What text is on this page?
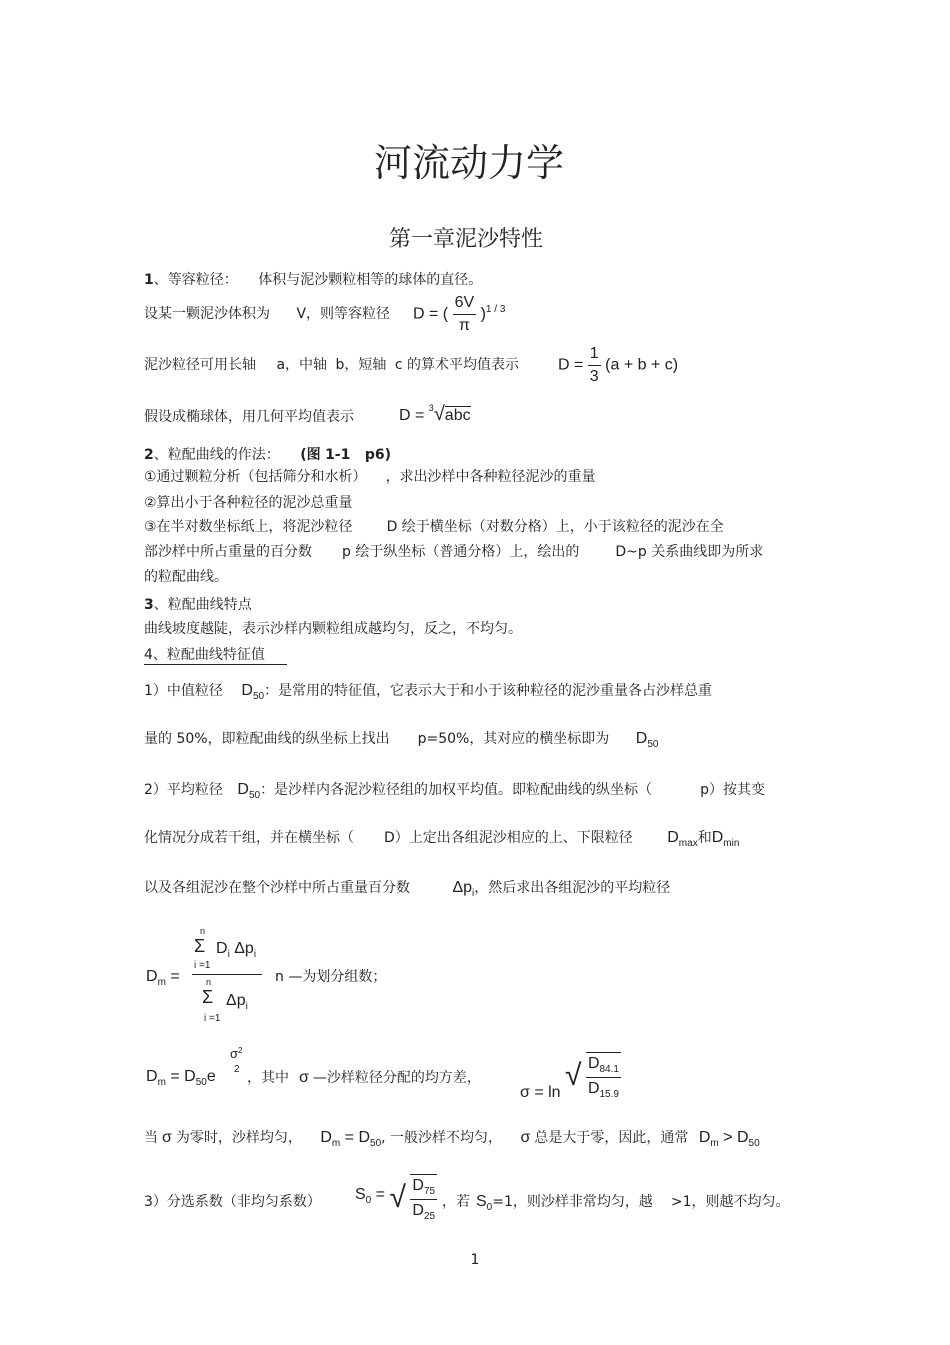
河流动力学
第一章泥沙特性
1、等容粒径： 体积与泥沙颗粒相等的球体的直径。
设某一颗泥沙体积为 V，则等容粒径 D = ( $\frac{6V}{\pi} )^{1 / 3}$
泥沙粒径可用长轴 a，中轴 b，短轴 c 的算术平均值表示 $D = \frac{1}{3} (a + b + c)$
假设成椭球体，用几何平均值表示	D = $^3$√abc
2、粒配曲线的作法： (图 1-1 p6)
①通过颗粒分析（包括筛分和水析） ，求出沙样中各种粒径泥沙的重量
②算出小于各种粒径的泥沙总重量
③在半对数坐标纸上，将泥沙粒径 D 绘于横坐标（对数分格）上，小于该粒径的泥沙在全
部沙样中所占重量的百分数 p 绘于纵坐标（普通分格）上，绘出的	D~p 关系曲线即为所求
的粒配曲线。
3、粒配曲线特点
曲线坡度越陡，表示沙样内颗粒组成越均匀，反之，不均匀。
4、粒配曲线特征值
1）中值粒径 $D_{50}$：是常用的特征值，它表示大于和小于该种粒径的泥沙重量各占沙样总重
量的 50%，即粒配曲线的纵坐标上找出 p=50%，其对应的横坐标即为 $D_{50}$
2）平均粒径 $D_{50}$：是沙样内各泥沙粒径组的加权平均值。即粒配曲线的纵坐标（	p）按其变
化情况分成若干组，并在横坐标（ D）上定出各组泥沙相应的上、下限粒径 $D_{max}$和$D_{min}$
以及各组泥沙在整个沙样中所占重量百分数	$\Delta p_i$，然后求出各组泥沙的平均粒径
n
Σ $D_i$ $\Delta p_i$
i =1
$D_m$ =	n
Σ $\Delta p_i$
i =1
n —为划分组数；
$D_m = D_{50}e$
$\sigma^2$
2
，其中 σ —沙样粒径分配的均方差，
σ = ln √ $\frac{D_{84.1}}{D_{15.9}}$
当 σ 为零时，沙样均匀， $D_m = D_{50}$, 一般沙样不均匀， σ 总是大于零，因此，通常 $D_m > D_{50}$
3）分选系数（非均匀系数） $S_0$ = √ $\frac{D_{75}}{D_{25}}$ ，若 $S_0=1$，则沙样非常均匀，越 >1，则越不均匀。
1
